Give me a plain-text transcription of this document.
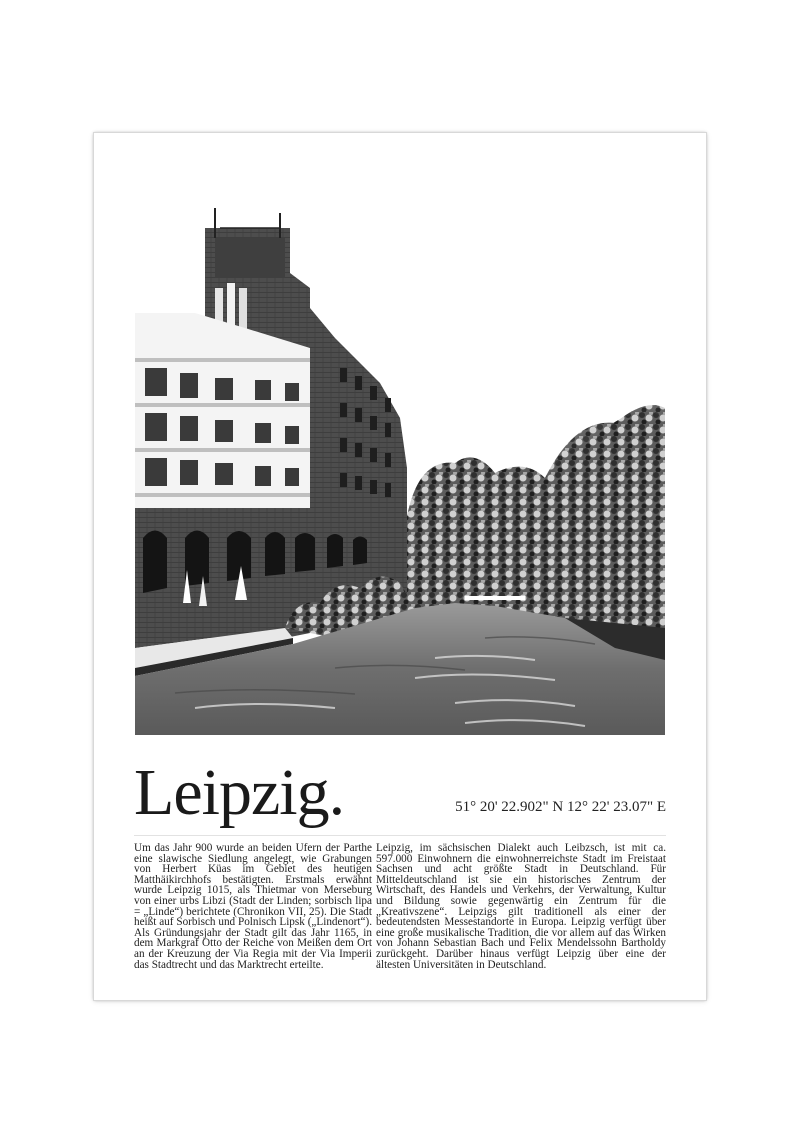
Leipzig.	51° 20' 22.902" N 12° 22' 23.07" E
Um das Jahr 900 wurde an beiden Ufern der Parthe eine slawische Siedlung angelegt, wie Grabungen von Herbert Küas im Gebiet des heutigen Matthäikirchhofs bestätigten. Erstmals erwähnt wurde Leipzig 1015, als Thietmar von Merseburg von einer urbs Libzi (Stadt der Linden; sorbisch lipa = „Linde“) berichtete (Chronikon VII, 25). Die Stadt heißt auf Sorbisch und Polnisch Lipsk („Lindenort“). Als Gründungsjahr der Stadt gilt das Jahr 1165, in dem Markgraf Otto der Reiche von Meißen dem Ort an der Kreuzung der Via Regia mit der Via Imperii das Stadtrecht und das Marktrecht erteilte.
Leipzig, im sächsischen Dialekt auch Leibzsch, ist mit ca. 597.000 Einwohnern die einwohnerreichste Stadt im Freistaat Sachsen und acht größte Stadt in Deutschland. Für Mitteldeutschland ist sie ein historisches Zentrum der Wirtschaft, des Handels und Verkehrs, der Verwaltung, Kultur und Bildung sowie gegenwärtig ein Zentrum für die „Kreativszene“. Leipzigs gilt traditionell als einer der bedeutendsten Messestandorte in Europa. Leipzig verfügt über eine große musikalische Tradition, die vor allem auf das Wirken von Johann Sebastian Bach und Felix Mendelssohn Bartholdy zurückgeht. Darüber hinaus verfügt Leipzig über eine der ältesten Universitäten in Deutschland.
